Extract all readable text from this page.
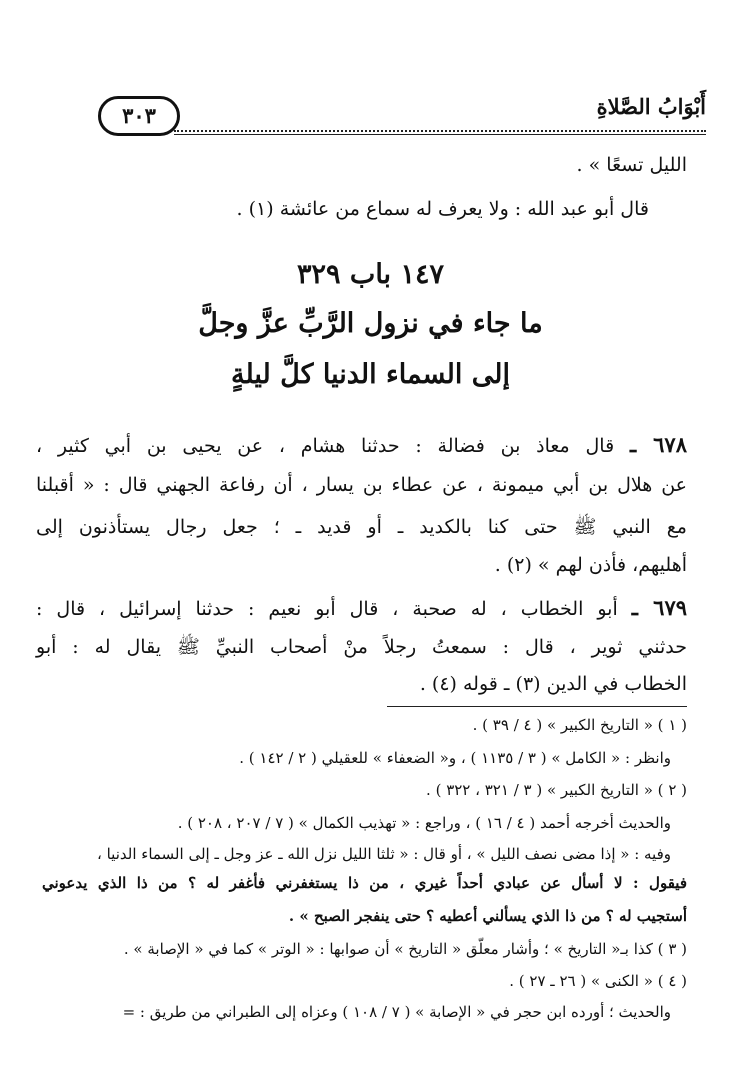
٣٠٣	أَبْوَابُ الصَّلاةِ
الليل تسعًا » .
قال أبو عبد الله : ولا يعرف له سماع من عائشة (١) .
١٤٧ باب ٣٢٩
ما جاء في نزول الرَّبِّ عزَّ وجلَّ
إلى السماء الدنيا كلَّ ليلةٍ
٦٧٨ ـ قال معاذ بن فضالة : حدثنا هشام ، عن يحيى بن أبي كثير ،
عن هلال بن أبي ميمونة ، عن عطاء بن يسار ، أن رفاعة الجهني قال : « أقبلنا
مع النبي ﷺ حتى كنا بالكديد ـ أو قديد ـ ؛ جعل رجال يستأذنون إلى
أهليهم، فأذن لهم » (٢) .
٦٧٩ ـ أبو الخطاب ، له صحبة ، قال أبو نعيم : حدثنا إسرائيل ، قال :
حدثني ثوير ، قال : سمعتُ رجلاً منْ أصحاب النبيِّ ﷺ يقال له : أبو
الخطاب في الدين (٣) ـ قوله (٤) .
( ١ ) « التاريخ الكبير » ( ٤ / ٣٩ ) .
وانظر : « الكامل » ( ٣ / ١١٣٥ ) ، و« الضعفاء » للعقيلي ( ٢ / ١٤٢ ) .
( ٢ ) « التاريخ الكبير » ( ٣ / ٣٢١ ، ٣٢٢ ) .
والحديث أخرجه أحمد ( ٤ / ١٦ ) ، وراجع : « تهذيب الكمال » ( ٧ / ٢٠٧ ، ٢٠٨ ) .
وفيه : « إذا مضى نصف الليل » ، أو قال : « ثلثا الليل نزل الله ـ عز وجل ـ إلى السماء الدنيا ،
فيقول : لا أسأل عن عبادي أحداً غيري ، من ذا يستغفرني فأغفر له ؟ من ذا الذي يدعوني
أستجيب له ؟ من ذا الذي يسألني أعطيه ؟ حتى ينفجر الصبح » .
( ٣ ) كذا بـ« التاريخ » ؛ وأشار معلّق « التاريخ » أن صوابها : « الوتر » كما في « الإصابة » .
( ٤ ) « الكنى » ( ٢٦ ـ ٢٧ ) .
والحديث ؛ أورده ابن حجر في « الإصابة » ( ٧ / ١٠٨ ) وعزاه إلى الطبراني من طريق : =
